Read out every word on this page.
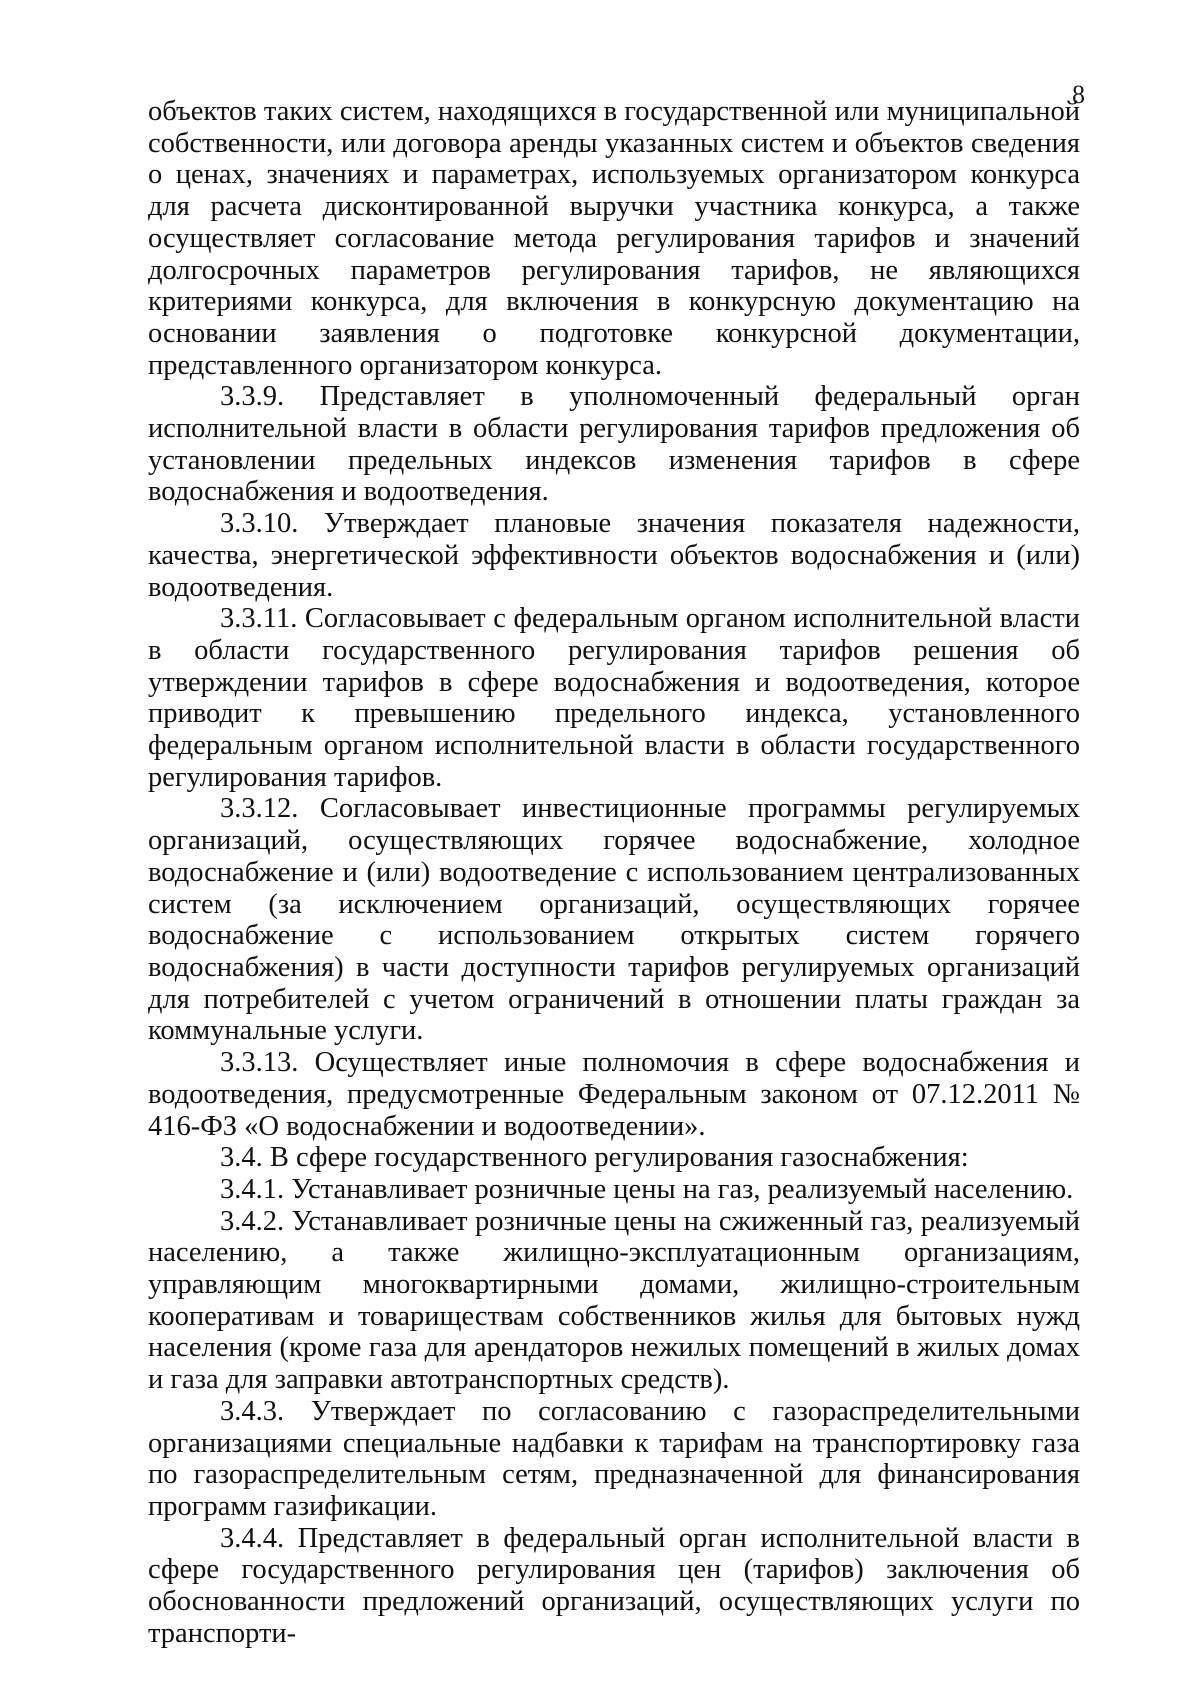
8

объектов таких систем, находящихся в государственной или муниципальной собственности, или договора аренды указанных систем и объектов сведения о ценах, значениях и параметрах, используемых организатором конкурса для расчета дисконтированной выручки участника конкурса, а также осуществляет согласование метода регулирования тарифов и значений долгосрочных параметров регулирования тарифов, не являющихся критериями конкурса, для включения в конкурсную документацию на основании заявления о подготовке конкурсной документации, представленного организатором конкурса.

3.3.9. Представляет в уполномоченный федеральный орган исполнительной власти в области регулирования тарифов предложения об установлении предельных индексов изменения тарифов в сфере водоснабжения и водоотведения.

3.3.10. Утверждает плановые значения показателя надежности, качества, энергетической эффективности объектов водоснабжения и (или) водоотведения.

3.3.11. Согласовывает с федеральным органом исполнительной власти в области государственного регулирования тарифов решения об утверждении тарифов в сфере водоснабжения и водоотведения, которое приводит к превышению предельного индекса, установленного федеральным органом исполнительной власти в области государственного регулирования тарифов.

3.3.12. Согласовывает инвестиционные программы регулируемых организаций, осуществляющих горячее водоснабжение, холодное водоснабжение и (или) водоотведение с использованием централизованных систем (за исключением организаций, осуществляющих горячее водоснабжение с использованием открытых систем горячего водоснабжения) в части доступности тарифов регулируемых организаций для потребителей с учетом ограничений в отношении платы граждан за коммунальные услуги.

3.3.13. Осуществляет иные полномочия в сфере водоснабжения и водоотведения, предусмотренные Федеральным законом от 07.12.2011 № 416-ФЗ «О водоснабжении и водоотведении».

3.4. В сфере государственного регулирования газоснабжения:

3.4.1. Устанавливает розничные цены на газ, реализуемый населению.

3.4.2. Устанавливает розничные цены на сжиженный газ, реализуемый населению, а также жилищно-эксплуатационным организациям, управляющим многоквартирными домами, жилищно-строительным кооперативам и товариществам собственников жилья для бытовых нужд населения (кроме газа для арендаторов нежилых помещений в жилых домах и газа для заправки автотранспортных средств).

3.4.3. Утверждает по согласованию с газораспределительными организациями специальные надбавки к тарифам на транспортировку газа по газораспределительным сетям, предназначенной для финансирования программ газификации.

3.4.4. Представляет в федеральный орган исполнительной власти в сфере государственного регулирования цен (тарифов) заключения об обоснованности предложений организаций, осуществляющих услуги по транспорти-
